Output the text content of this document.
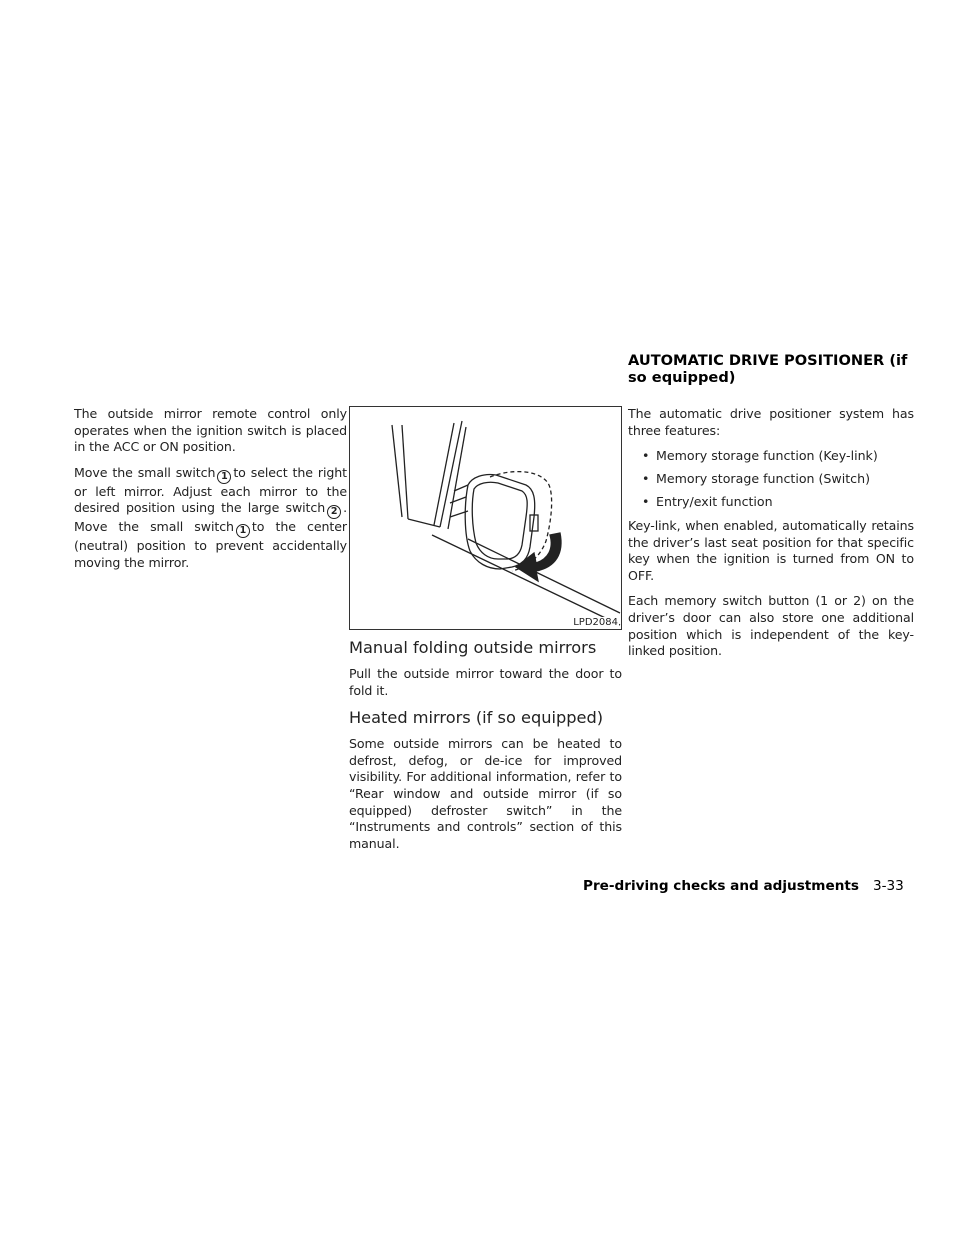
The outside mirror remote control only operates when the ignition switch is placed in the ACC or ON position.

Move the small switch 1 to select the right or left mirror. Adjust each mirror to the desired position using the large switch 2 . Move the small switch 1 to the center (neutral) position to prevent accidentally moving the mirror.

LPD2084
Manual folding outside mirrors

Pull the outside mirror toward the door to fold it.

Heated mirrors (if so equipped)

Some outside mirrors can be heated to defrost, defog, or de-ice for improved visibility. For additional information, refer to “Rear window and outside mirror (if so equipped) defroster switch” in the “Instruments and controls” section of this manual.

AUTOMATIC DRIVE POSITIONER (if so equipped)

The automatic drive positioner system has three features:

• Memory storage function (Key-link)
• Memory storage function (Switch)
• Entry/exit function

Key-link, when enabled, automatically retains the driver’s last seat position for that specific key when the ignition is turned from ON to OFF.

Each memory switch button (1 or 2) on the driver’s door can also store one additional position which is independent of the key-linked position.

Pre-driving checks and adjustments 3-33
